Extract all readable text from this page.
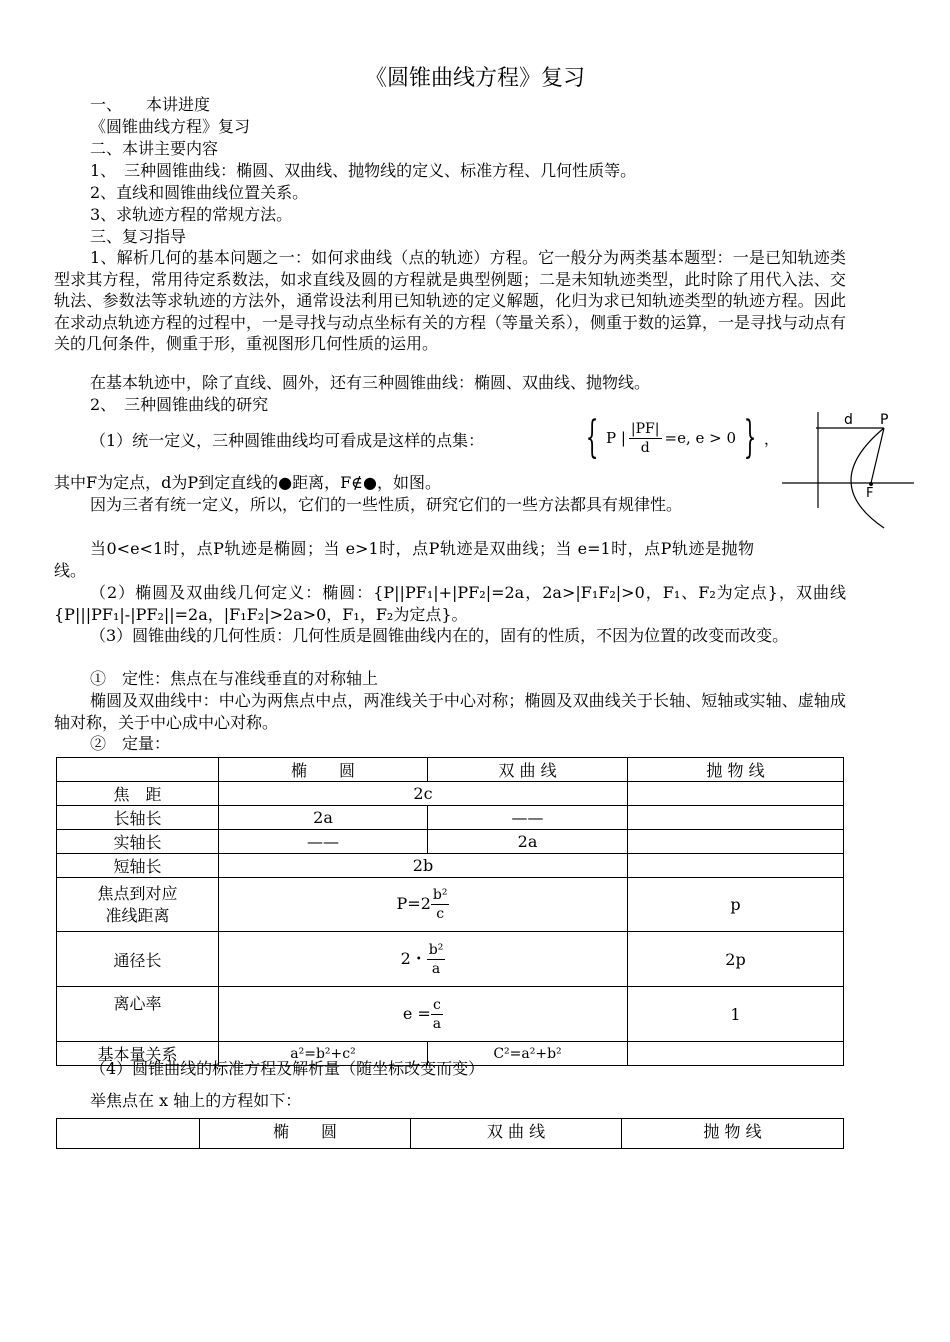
《圆锥曲线方程》复习
一、　　本讲进度
《圆锥曲线方程》复习
二、本讲主要内容
1、　三种圆锥曲线：椭圆、双曲线、抛物线的定义、标准方程、几何性质等。
2、直线和圆锥曲线位置关系。
3、求轨迹方程的常规方法。
三、复习指导
1、解析几何的基本问题之一：如何求曲线（点的轨迹）方程。它一般分为两类基本题型：一是已知轨迹类型求其方程，常用待定系数法，如求直线及圆的方程就是典型例题；二是未知轨迹类型，此时除了用代入法、交轨法、参数法等求轨迹的方法外，通常设法利用已知轨迹的定义解题，化归为求已知轨迹类型的轨迹方程。因此在求动点轨迹方程的过程中，一是寻找与动点坐标有关的方程（等量关系），侧重于数的运算，一是寻找与动点有关的几何条件，侧重于形，重视图形几何性质的运用。
在基本轨迹中，除了直线、圆外，还有三种圆锥曲线：椭圆、双曲线、抛物线。
2、　三种圆锥曲线的研究
（1）统一定义，三种圆锥曲线均可看成是这样的点集：	{ P | $\frac{|PF|}{d} =e$, e > 0 } ，
其中F为定点，d为P到定直线的●距离，F∉●，如图。
因为三者有统一定义，所以，它们的一些性质，研究它们的一些方法都具有规律性。
当0<e<1时，点P轨迹是椭圆；当 e>1时，点P轨迹是双曲线；当 e=1时，点P轨迹是抛物线。
（2）椭圆及双曲线几何定义：椭圆：{P||PF₁|+|PF₂|=2a，2a>|F₁F₂|>0，F₁、F₂为定点}，双曲线{P|||PF₁|-|PF₂||=2a，|F₁F₂|>2a>0，F₁，F₂为定点}。
（3）圆锥曲线的几何性质：几何性质是圆锥曲线内在的，固有的性质，不因为位置的改变而改变。
①　定性：焦点在与准线垂直的对称轴上
椭圆及双曲线中：中心为两焦点中点，两准线关于中心对称；椭圆及双曲线关于长轴、短轴或实轴、虚轴成轴对称，关于中心成中心对称。
②　定量：
d P
F
	椭　　圆	双 曲 线	抛 物 线
焦　距	2c		
长轴长	2a	——	
实轴长	——	2a	
短轴长	2b		
焦点到对应
准线距离	$P=2 \frac{\text{b²}}{c}$		p
通径长	2・ $\frac{\text{b²}}{a}$		2p
离心率	$e = \frac{c}{a}$		1
基本量关系	a²=b²+c²	C²=a²+b²	
（4）圆锥曲线的标准方程及解析量（随坐标改变而变）
举焦点在 x 轴上的方程如下：
	椭　　圆	双 曲 线	抛 物 线
